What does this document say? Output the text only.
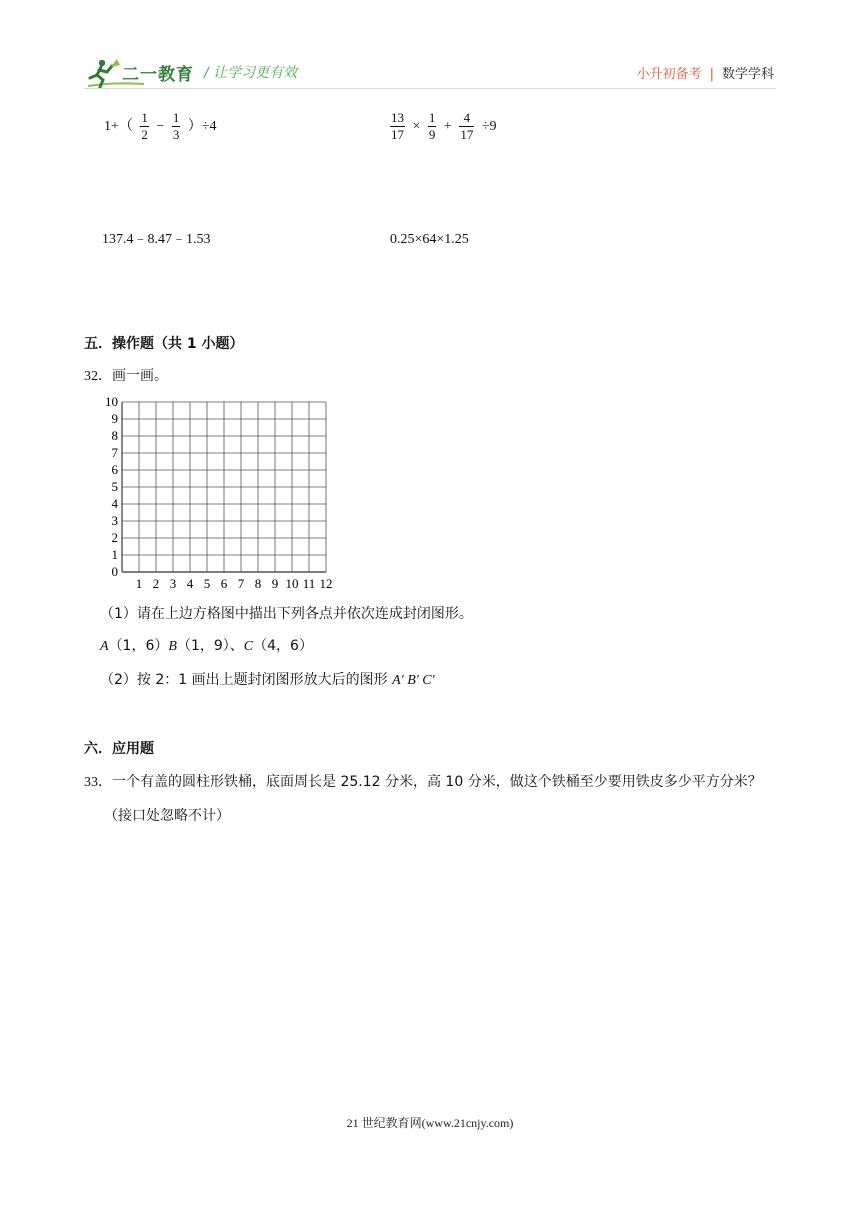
二一教育 / 让学习更有效	小升初备考 | 数学学科
$1+( \frac{1}{2} - \frac{1}{3} )\div 4$	$\frac{13}{17} \times \frac{1}{9} + \frac{4}{17} \div 9$
137.4﹣8.47﹣1.53	0.25×64×1.25
五．操作题（共 1 小题）
32．画一画。
1 2 3 4 5 6 7 8 9 10 11 12
0
1
2
3
4
5
6
7
8
9
10
（1）请在上边方格图中描出下列各点并依次连成封闭图形。
A（1，6）B（1，9）、C（4，6）
（2）按 2：1 画出上题封闭图形放大后的图形 A′ B′ C′
六．应用题
33．一个有盖的圆柱形铁桶，底面周长是 25.12 分米，高 10 分米，做这个铁桶至少要用铁皮多少平方分米？
（接口处忽略不计）
21 世纪教育网(www.21cnjy.com)
